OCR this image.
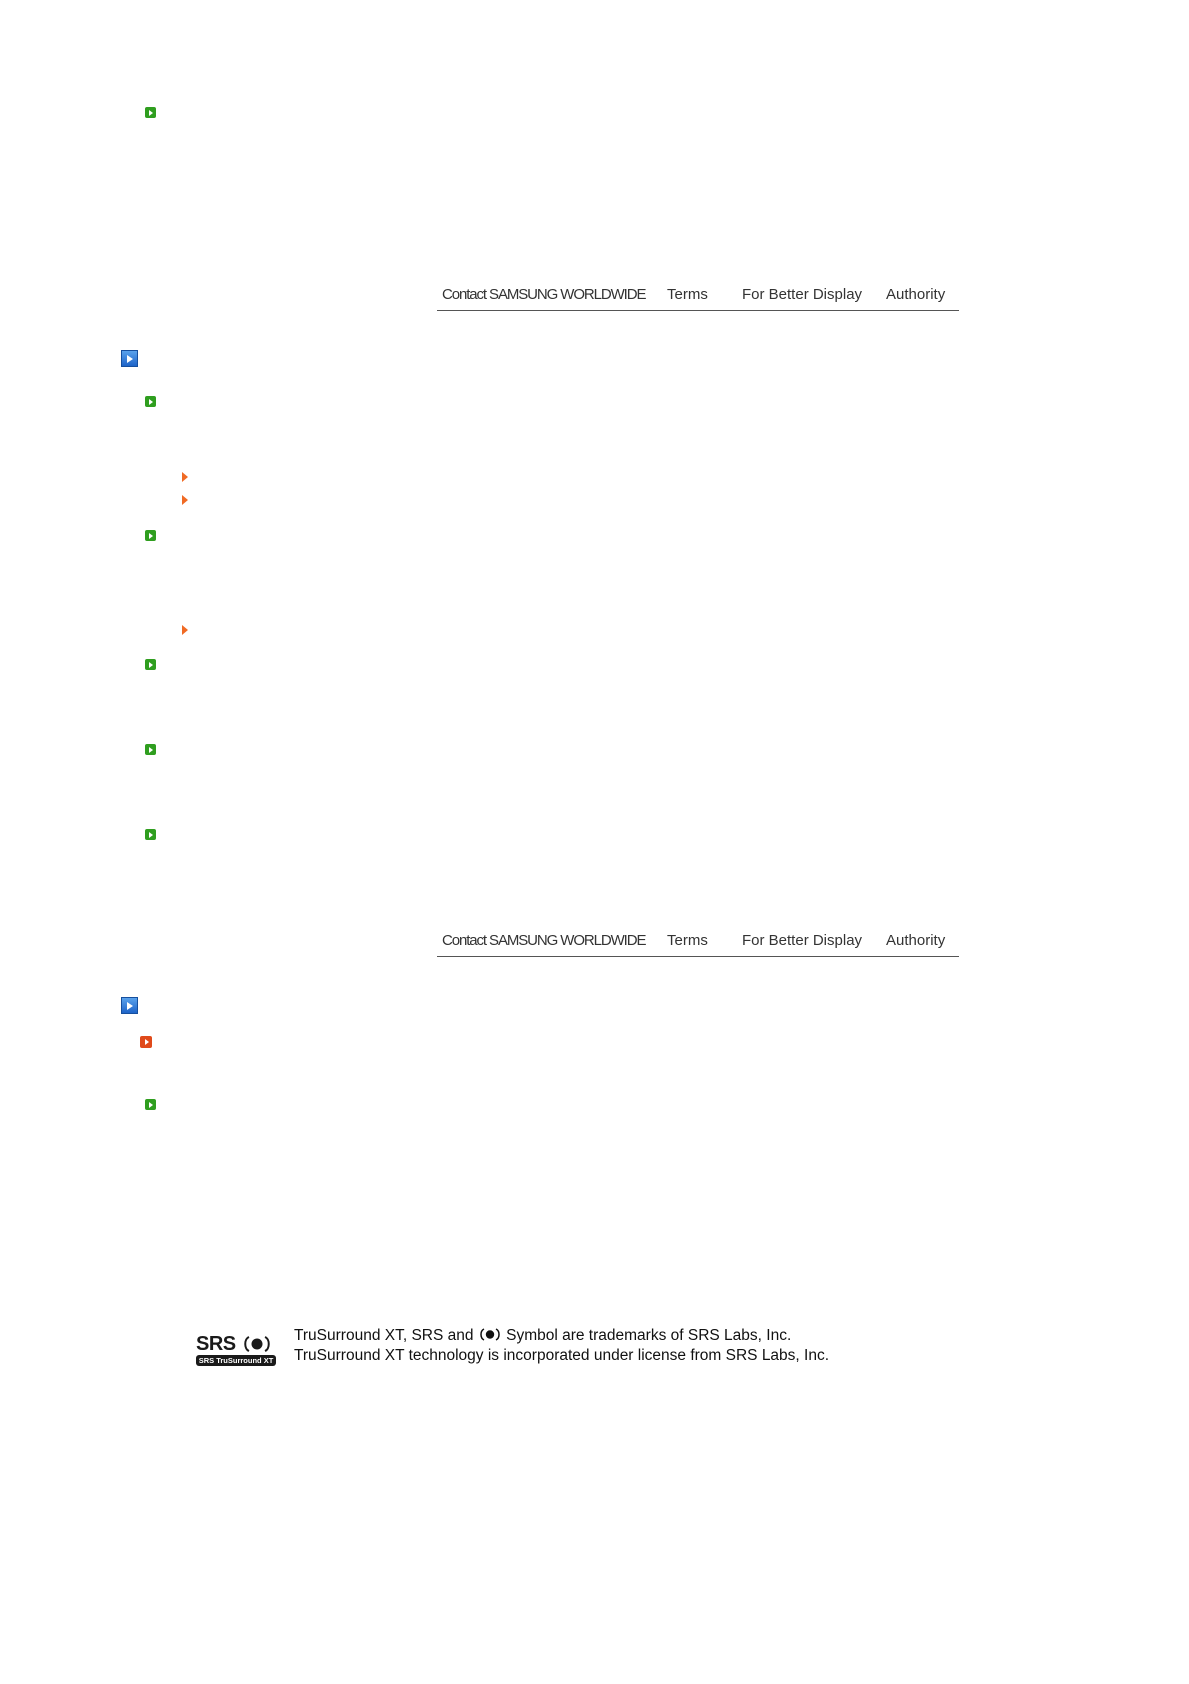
Contact SAMSUNG WORLDWIDE Terms For Better Display Authority
Contact SAMSUNG WORLDWIDE Terms For Better Display Authority
SRS
SRS TruSurround XT
TruSurround XT, SRS and Symbol are trademarks of SRS Labs, Inc.
TruSurround XT technology is incorporated under license from SRS Labs, Inc.
